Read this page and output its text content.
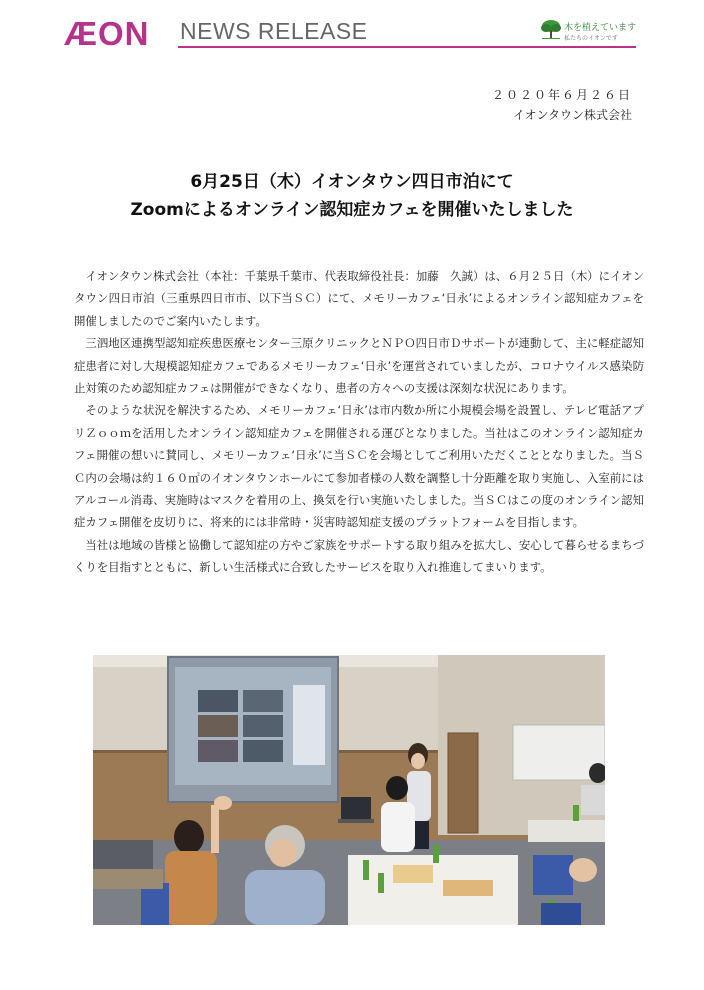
ÆON NEWS RELEASE	木を植えています
私たちのイオンです
２０２０年６月２６日
イオンタウン株式会社
6月25日（木）イオンタウン四日市泊にて
Zoomによるオンライン認知症カフェを開催いたしました

イオンタウン株式会社（本社：千葉県千葉市、代表取締役社長：加藤　久誠）は、６月２５日（木）にイオンタウン四日市泊（三重県四日市市、以下当ＳＣ）にて、メモリーカフェ‘日永’によるオンライン認知症カフェを開催しましたのでご案内いたします。

三泗地区連携型認知症疾患医療センター三原クリニックとＮＰＯ四日市Ｄサポートが連動して、主に軽症認知症患者に対し大規模認知症カフェであるメモリーカフェ‘日永’を運営されていましたが、コロナウイルス感染防止対策のため認知症カフェは開催ができなくなり、患者の方々への支援は深刻な状況にあります。

そのような状況を解決するため、メモリーカフェ‘日永’は市内数か所に小規模会場を設置し、テレビ電話アプリＺｏｏｍを活用したオンライン認知症カフェを開催される運びとなりました。当社はこのオンライン認知症カフェ開催の想いに賛同し、メモリーカフェ‘日永’に当ＳＣを会場としてご利用いただくこととなりました。当ＳＣ内の会場は約１６０㎡のイオンタウンホールにて参加者様の人数を調整し十分距離を取り実施し、入室前にはアルコール消毒、実施時はマスクを着用の上、換気を行い実施いたしました。当ＳＣはこの度のオンライン認知症カフェ開催を皮切りに、将来的には非常時・災害時認知症支援のプラットフォームを目指します。

当社は地域の皆様と協働して認知症の方やご家族をサポートする取り組みを拡大し、安心して暮らせるまちづくりを目指すとともに、新しい生活様式に合致したサービスを取り入れ推進してまいります。
